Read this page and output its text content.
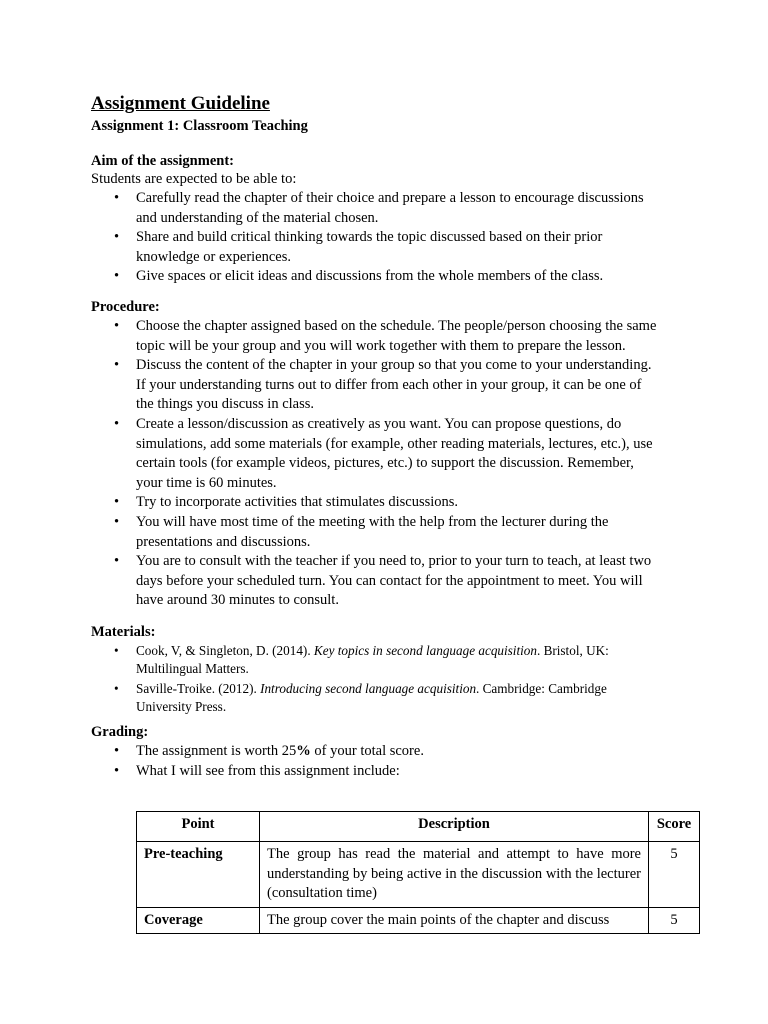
Assignment Guideline
Assignment 1: Classroom Teaching
Aim of the assignment:
Students are expected to be able to:
• Carefully read the chapter of their choice and prepare a lesson to encourage discussions
and understanding of the material chosen.
• Share and build critical thinking towards the topic discussed based on their prior
knowledge or experiences.
• Give spaces or elicit ideas and discussions from the whole members of the class.
Procedure:
• Choose the chapter assigned based on the schedule. The people/person choosing the same
topic will be your group and you will work together with them to prepare the lesson.
• Discuss the content of the chapter in your group so that you come to your understanding.
If your understanding turns out to differ from each other in your group, it can be one of
the things you discuss in class.
• Create a lesson/discussion as creatively as you want. You can propose questions, do
simulations, add some materials (for example, other reading materials, lectures, etc.), use
certain tools (for example videos, pictures, etc.) to support the discussion. Remember,
your time is 60 minutes.
• Try to incorporate activities that stimulates discussions.
• You will have most time of the meeting with the help from the lecturer during the
presentations and discussions.
• You are to consult with the teacher if you need to, prior to your turn to teach, at least two
days before your scheduled turn. You can contact for the appointment to meet. You will
have around 30 minutes to consult.
Materials:
• Cook, V, & Singleton, D. (2014). Key topics in second language acquisition. Bristol, UK:
Multilingual Matters.
• Saville-Troike. (2012). Introducing second language acquisition. Cambridge: Cambridge
University Press.
Grading:
• The assignment is worth 25% of your total score.
• What I will see from this assignment include:
Point	Description	Score
Pre-teaching	The group has read the material and attempt to have more understanding by being active in the discussion with the lecturer (consultation time)	5
Coverage	The group cover the main points of the chapter and discuss	5
